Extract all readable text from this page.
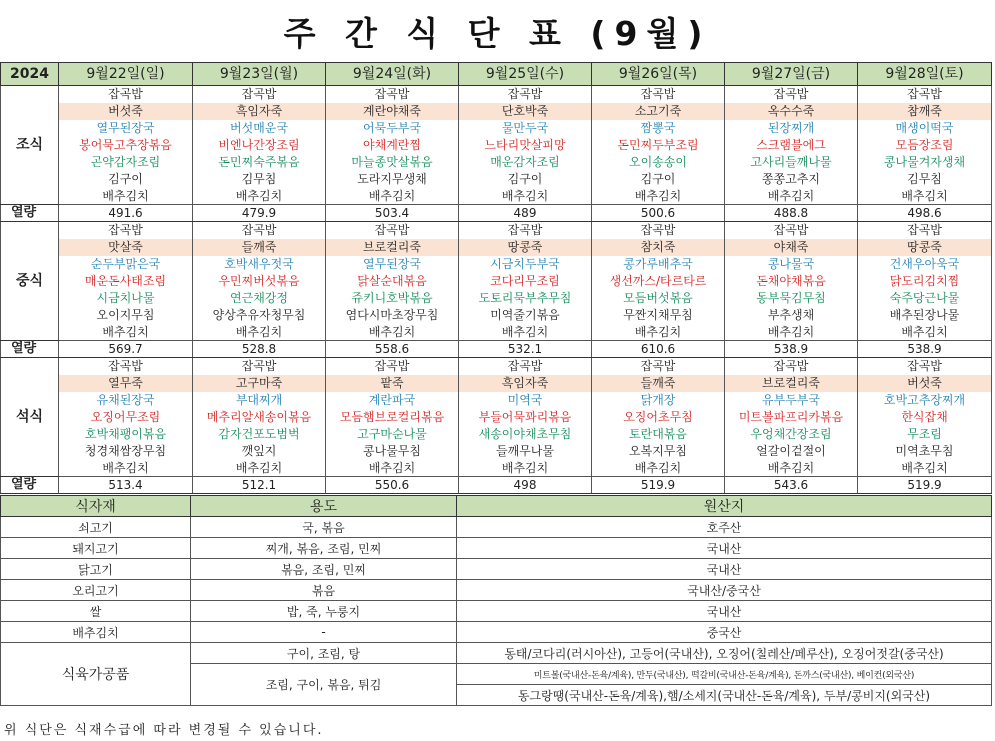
주 간 식 단 표 (9월)
2024	9월22일(일)	9월23일(월)	9월24일(화)	9월25일(수)	9월26일(목)	9월27일(금)	9월28일(토)
조식	잡곡밥	잡곡밥	잡곡밥	잡곡밥	잡곡밥	잡곡밥	잡곡밥
	버섯죽	흑임자죽	계란야채죽	단호박죽	소고기죽	옥수수죽	참깨죽
	열무된장국	버섯매운국	어묵두부국	물만두국	짬뽕국	된장찌개	매생이떡국
	봉어묵고추장볶음	비엔나간장조림	야채계란찜	느타리맛살피망	돈민찌두부조림	스크램블에그	모듬장조림
	곤약감자조림	돈민찌숙주볶음	마늘종맛살볶음	매운감자조림	오이송송이	고사리들깨나물	콩나물겨자생채
	김구이	김무침	도라지무생채	김구이	김구이	쫑쫑고추지	김무침
	배추김치	배추김치	배추김치	배추김치	배추김치	배추김치	배추김치
열량	491.6	479.9	503.4	489	500.6	488.8	498.6
중식	잡곡밥	잡곡밥	잡곡밥	잡곡밥	잡곡밥	잡곡밥	잡곡밥
	맛살죽	들깨죽	브로컬리죽	땅콩죽	참치죽	야채죽	땅콩죽
	순두부맑은국	호박새우젓국	열무된장국	시금치두부국	콩가루배추국	콩나물국	건새우아욱국
	매운돈사태조림	우민찌버섯볶음	닭살순대볶음	코다리무조림	생선까스/타르타르	돈채야채볶음	닭도리김치찜
	시금치나물	연근채강정	쥬키니호박볶음	도토리묵부추무침	모듬버섯볶음	동부묵김무침	숙주당근나물
	오이지무침	양상추유자청무침	염다시마초장무침	미역줄기볶음	무짠지채무침	부추생채	배추된장나물
	배추김치	배추김치	배추김치	배추김치	배추김치	배추김치	배추김치
열량	569.7	528.8	558.6	532.1	610.6	538.9	538.9
석식	잡곡밥	잡곡밥	잡곡밥	잡곡밥	잡곡밥	잡곡밥	잡곡밥
	열무죽	고구마죽	팥죽	흑임자죽	들깨죽	브로컬리죽	버섯죽
	유채된장국	부대찌개	계란파국	미역국	닭개장	유부두부국	호박고추장찌개
	오징어무조림	메추리알새송이볶음	모듬햄브로컬리볶음	부들어묵꽈리볶음	오징어초무침	미트볼파프리카볶음	한식잡채
	호박채팽이볶음	감자건포도범벅	고구마순나물	새송이야채초무침	토란대볶음	우엉채간장조림	무조림
	청경채쌈장무침	깻잎지	콩나물무침	들깨무나물	오복지무침	얼갈이겉절이	미역초무침
	배추김치	배추김치	배추김치	배추김치	배추김치	배추김치	배추김치
열량	513.4	512.1	550.6	498	519.9	543.6	519.9
식자재	용도	원산지
쇠고기	국, 볶음	호주산
돼지고기	찌개, 볶음, 조림, 민찌	국내산
닭고기	볶음, 조림, 민찌	국내산
오리고기	볶음	국내산/중국산
쌀	밥, 죽, 누룽지	국내산
배추김치	-	중국산
식육가공품	구이, 조림, 탕	동태/코다리(러시아산), 고등어(국내산), 오징어(칠레산/페루산), 오징어젓갈(중국산)
	조림, 구이, 볶음, 튀김	미트볼(국내산-돈육/계육), 만두(국내산), 떡갈비(국내산-돈육/계육), 돈까스(국내산), 베이컨(외국산)
		동그랑땡(국내산-돈육/계육),햄/소세지(국내산-돈육/계육), 두부/콩비지(외국산)
위 식단은 식재수급에 따라 변경될 수 있습니다.
